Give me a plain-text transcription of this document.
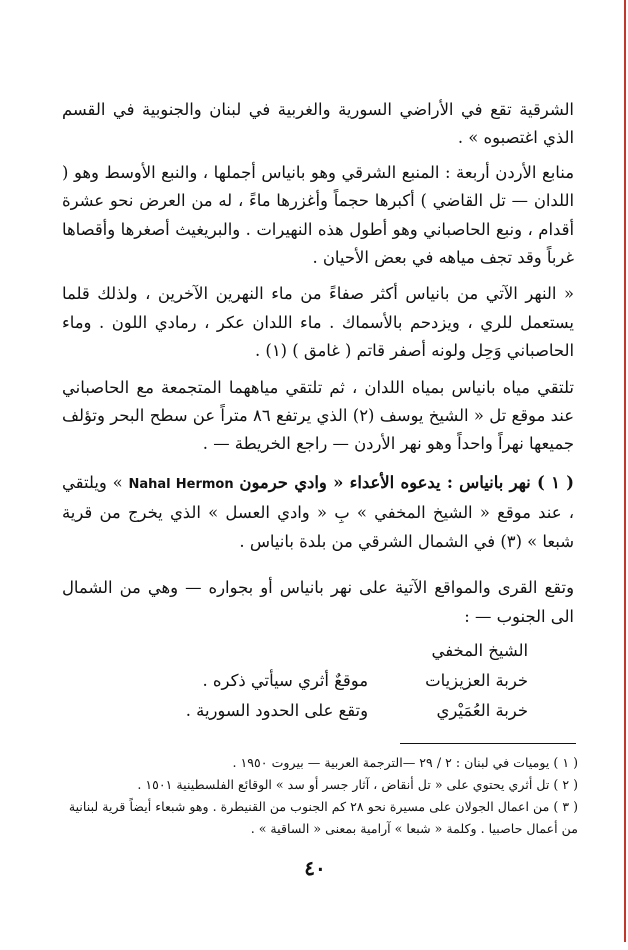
الشرقية تقع في الأراضي السورية والغربية في لبنان والجنوبية في القسم الذي اغتصبوه » .

منابع الأردن أربعة : المنبع الشرقي وهو بانياس أجملها ، والنبع الأوسط وهو ( اللدان — تل القاضي ) أكبرها حجماً وأغزرها ماءً ، له من العرض نحو عشرة أقدام ، ونبع الحاصباني وهو أطول هذه النهيرات . والبريغيث أصغرها وأقصاها غرباً وقد تجف مياهه في بعض الأحيان .

« النهر الآتي من بانياس أكثر صفاءً من ماء النهرين الآخرين ، ولذلك قلما يستعمل للري ، ويزدحم بالأسماك . ماء اللدان عكر ، رمادي اللون . وماء الحاصباني وَحِل ولونه أصفر قاتم ( غامق ) (١) .

تلتقي مياه بانياس بمياه اللدان ، ثم تلتقي مياههما المتجمعة مع الحاصباني عند موقع تل « الشيخ يوسف (٢) الذي يرتفع ٨٦ متراً عن سطح البحر وتؤلف جميعها نهراً واحداً وهو نهر الأردن — راجع الخريطة — .

( ١ ) نهر بانياس : يدعوه الأعداء « وادي حرمون Nahal Hermon » ويلتقي ، عند موقع « الشيخ المخفي » بِ « وادي العسل » الذي يخرج من قرية شبعا » (٣) في الشمال الشرقي من بلدة بانياس .

وتقع القرى والمواقع الآتية على نهر بانياس أو بجواره — وهي من الشمال الى الجنوب — :

الشيخ المخفي
خربة العزيزيات
موقعٌ أثري سيأتي ذكره .
خربة العُمَيْري
وتقع على الحدود السورية .

( ١ ) يوميات في لبنان : ٢ / ٢٩ —الترجمة العربية — بيروت ١٩٥٠ .

( ٢ ) تل أثري يحتوي على « تل أنقاض ، آثار جسر أو سد » الوقائع الفلسطينية ١٥٠١ .

( ٣ ) من اعمال الجولان على مسيرة نحو ٢٨ كم الجنوب من القنيطرة . وهو شبعاء أيضاً قرية لبنانية من أعمال حاصبيا . وكلمة « شبعا » آرامية بمعنى « الساقية » .

٤٠
